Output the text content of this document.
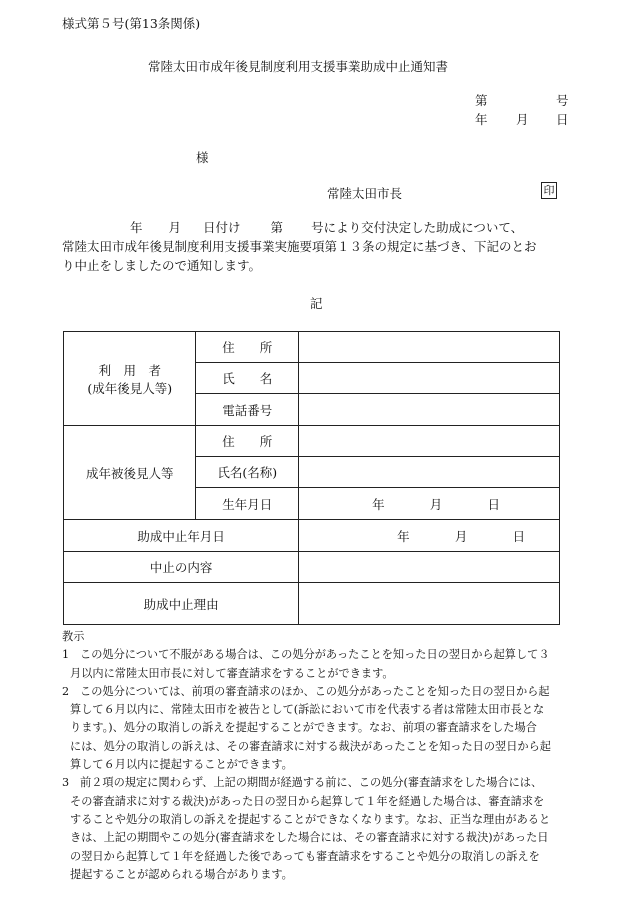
様式第５号(第13条関係)
常陸太田市成年後見制度利用支援事業助成中止通知書
第	号
年 月 日
様
常陸太田市長	印
年 月 日付け 第 号により交付決定した助成について、
常陸太田市成年後見制度利用支援事業実施要項第１３条の規定に基づき、下記のとお
り中止をしましたので通知します。
記
利　用　者
(成年後見人等)	住　　所	
	氏　　名	
	電話番号	
成年被後見人等	住　　所	
	氏名(名称)	
	生年月日	年 月 日

助成中止年月日		年 月 日

中止の内容		
助成中止理由		
教示
1 この処分について不服がある場合は、この処分があったことを知った日の翌日から起算して３
月以内に常陸太田市長に対して審査請求をすることができます。
2 この処分については、前項の審査請求のほか、この処分があったことを知った日の翌日から起
算して６月以内に、常陸太田市を被告として(訴訟において市を代表する者は常陸太田市長とな
ります。)、処分の取消しの訴えを提起することができます。なお、前項の審査請求をした場合
には、処分の取消しの訴えは、その審査請求に対する裁決があったことを知った日の翌日から起
算して６月以内に提起することができます。
3 前２項の規定に関わらず、上記の期間が経過する前に、この処分(審査請求をした場合には、
その審査請求に対する裁決)があった日の翌日から起算して１年を経過した場合は、審査請求を
することや処分の取消しの訴えを提起することができなくなります。なお、正当な理由があると
きは、上記の期間やこの処分(審査請求をした場合には、その審査請求に対する裁決)があった日
の翌日から起算して１年を経過した後であっても審査請求をすることや処分の取消しの訴えを
提起することが認められる場合があります。
